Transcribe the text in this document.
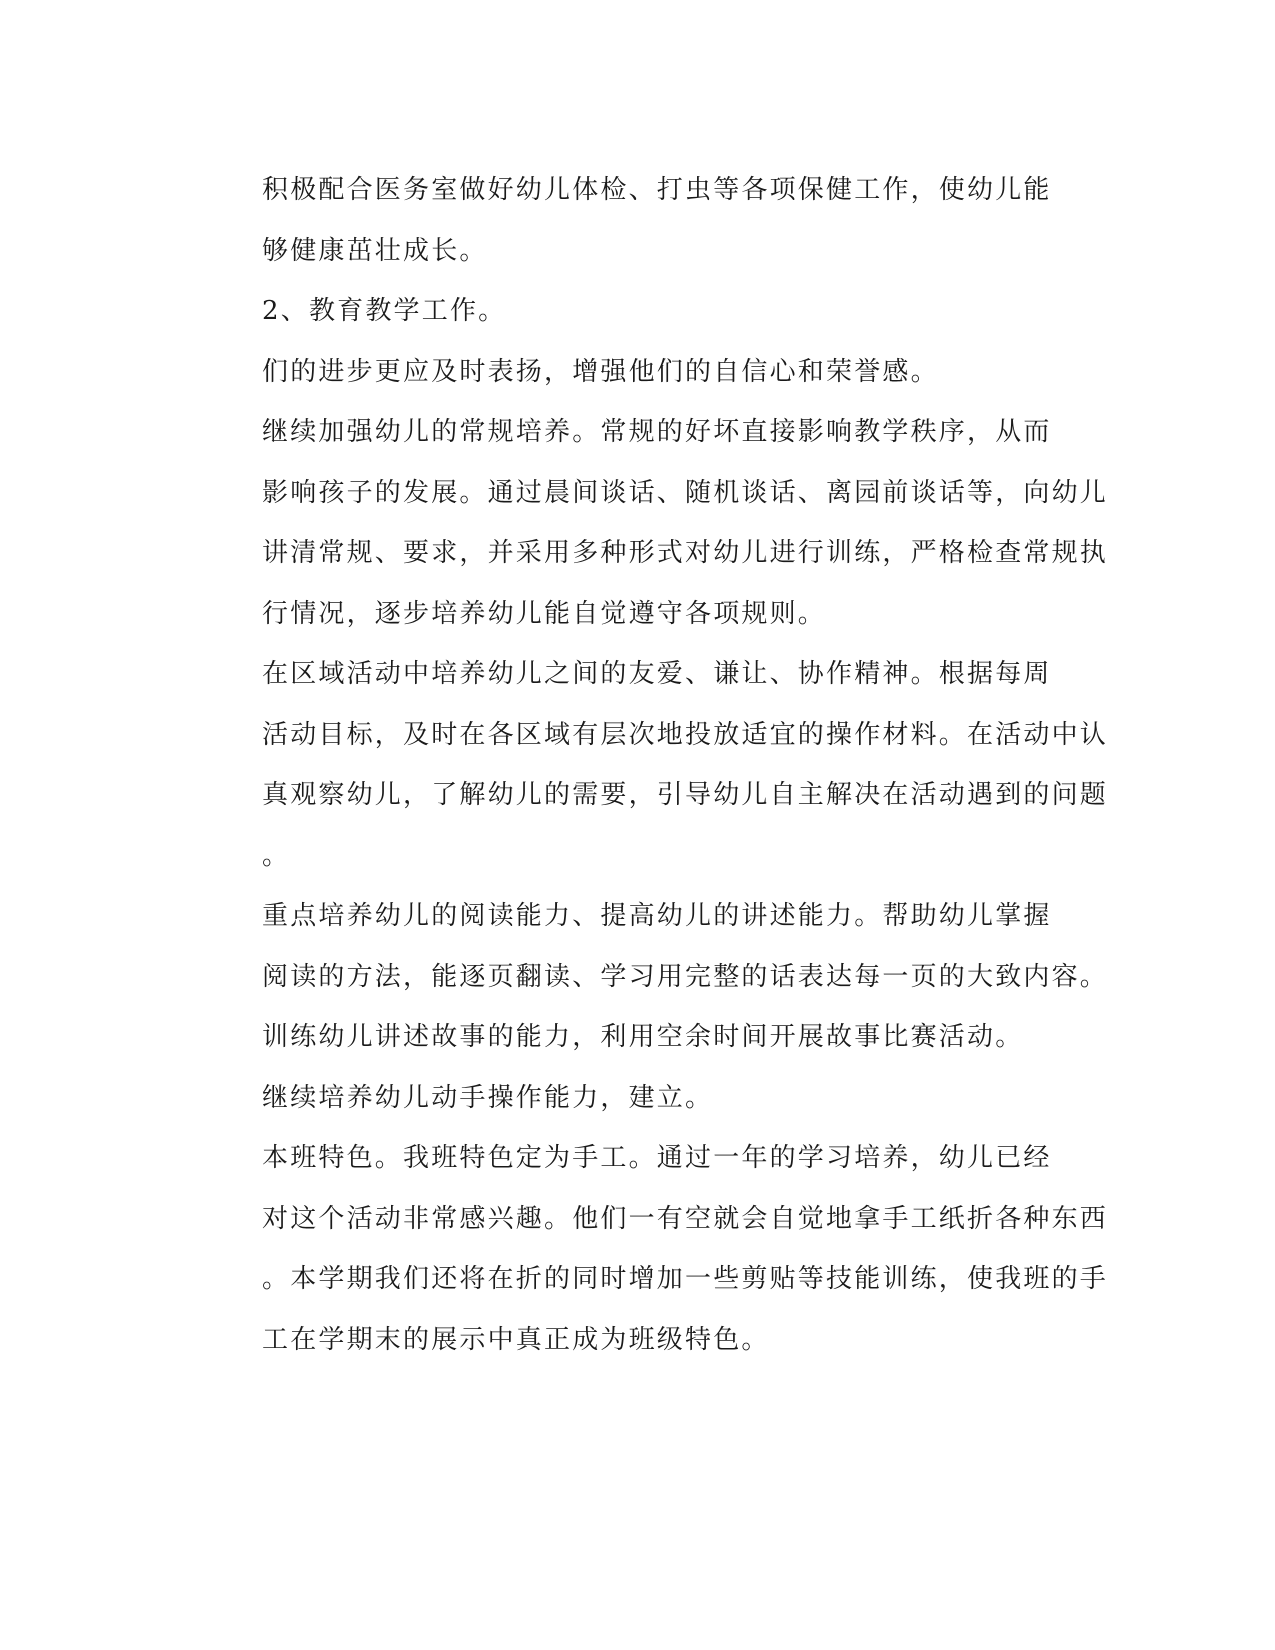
积极配合医务室做好幼儿体检、打虫等各项保健工作，使幼儿能
够健康茁壮成长。

2、教育教学工作。

们的进步更应及时表扬，增强他们的自信心和荣誉感。

继续加强幼儿的常规培养。常规的好坏直接影响教学秩序，从而
影响孩子的发展。通过晨间谈话、随机谈话、离园前谈话等，向幼儿
讲清常规、要求，并采用多种形式对幼儿进行训练，严格检查常规执
行情况，逐步培养幼儿能自觉遵守各项规则。

在区域活动中培养幼儿之间的友爱、谦让、协作精神。根据每周
活动目标，及时在各区域有层次地投放适宜的操作材料。在活动中认
真观察幼儿，了解幼儿的需要，引导幼儿自主解决在活动遇到的问题
。

重点培养幼儿的阅读能力、提高幼儿的讲述能力。帮助幼儿掌握
阅读的方法，能逐页翻读、学习用完整的话表达每一页的大致内容。
训练幼儿讲述故事的能力，利用空余时间开展故事比赛活动。

继续培养幼儿动手操作能力，建立。

本班特色。我班特色定为手工。通过一年的学习培养，幼儿已经
对这个活动非常感兴趣。他们一有空就会自觉地拿手工纸折各种东西
。本学期我们还将在折的同时增加一些剪贴等技能训练，使我班的手
工在学期末的展示中真正成为班级特色。
